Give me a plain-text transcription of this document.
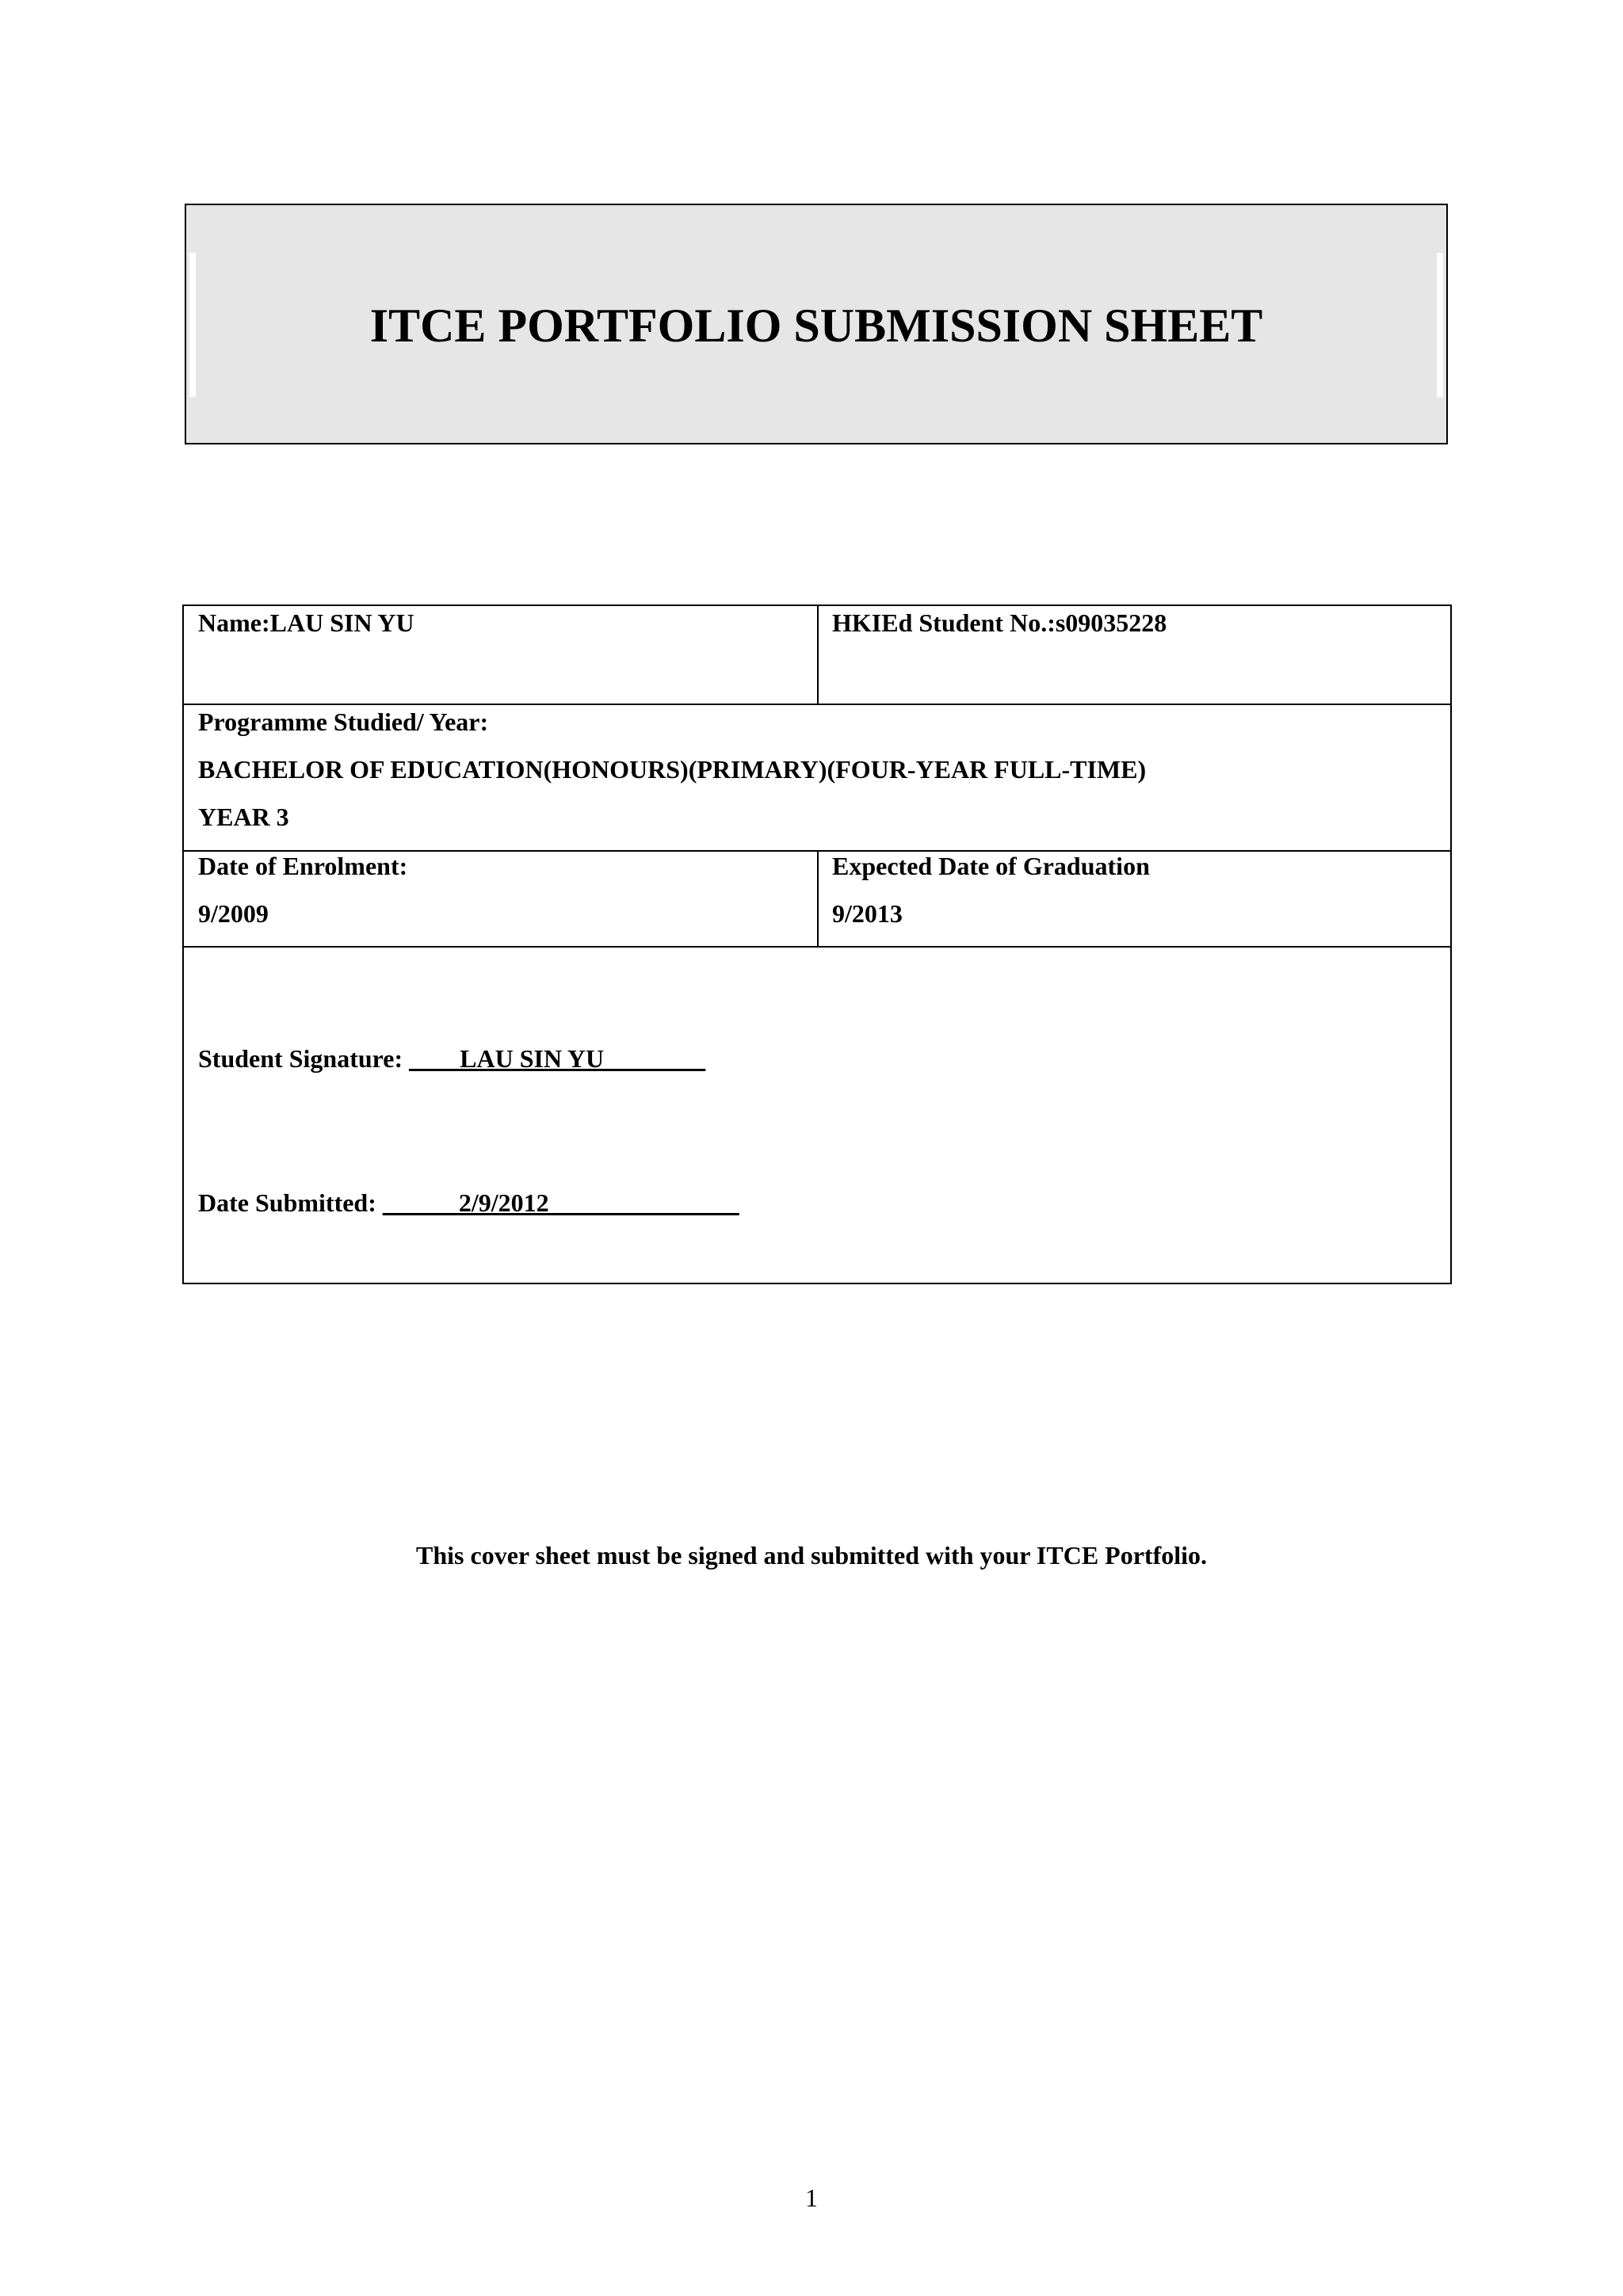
ITCE PORTFOLIO SUBMISSION SHEET
Name:LAU SIN YU	HKIEd Student No.:s09035228
Programme Studied/ Year:
BACHELOR OF EDUCATION(HONOURS)(PRIMARY)(FOUR-YEAR FULL-TIME)
YEAR 3
Date of Enrolment:
9/2009
Expected Date of Graduation
9/2013
Student Signature: ____LAU SIN YU________
Date Submitted: ______2/9/2012_______________
This cover sheet must be signed and submitted with your ITCE Portfolio.
1
